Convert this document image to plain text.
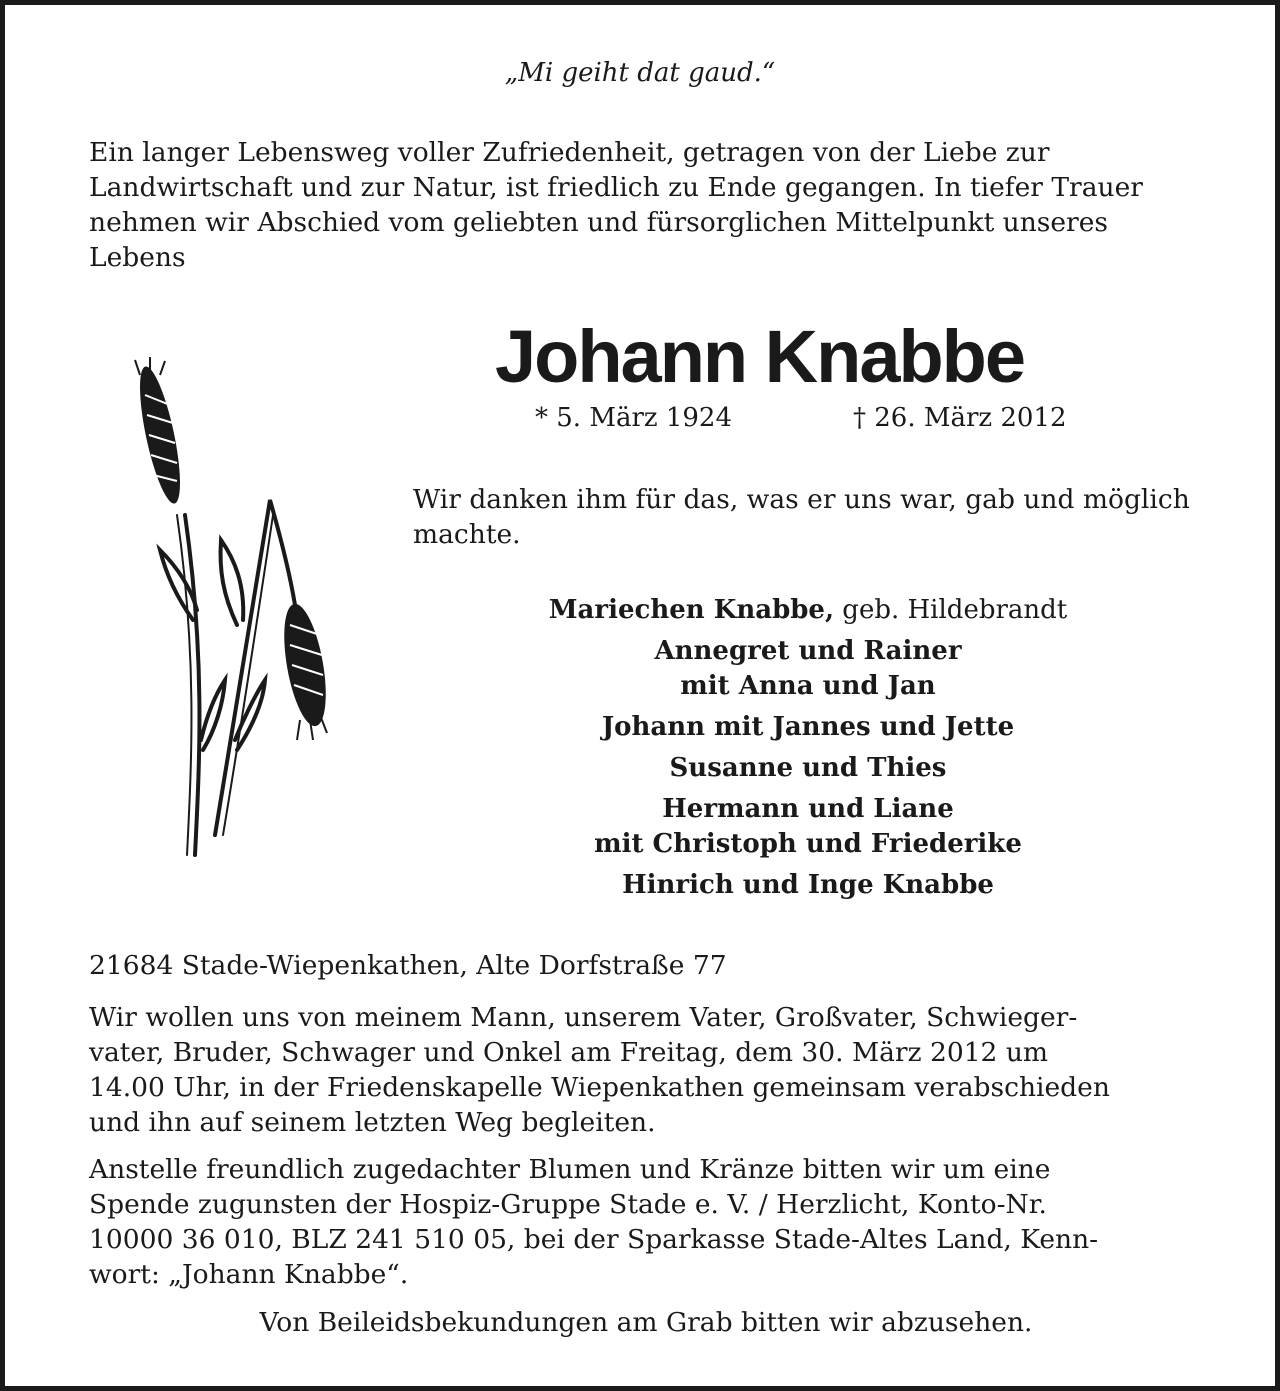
„Mi geiht dat gaud.“
Ein langer Lebensweg voller Zufriedenheit, getragen von der Liebe zur Landwirtschaft und zur Natur, ist friedlich zu Ende gegangen. In tiefer Trauer nehmen wir Abschied vom geliebten und fürsorglichen Mittelpunkt unseres Lebens
Johann Knabbe
* 5. März 1924	† 26. März 2012
Wir danken ihm für das, was er uns war, gab und möglich machte.
Mariechen Knabbe, geb. Hildebrandt
Annegret und Rainer
mit Anna und Jan
Johann mit Jannes und Jette
Susanne und Thies
Hermann und Liane
mit Christoph und Friederike
Hinrich und Inge Knabbe
21684 Stade-Wiepenkathen, Alte Dorfstraße 77
Wir wollen uns von meinem Mann, unserem Vater, Großvater, Schwieger-
vater, Bruder, Schwager und Onkel am Freitag, dem 30. März 2012 um
14.00 Uhr, in der Friedenskapelle Wiepenkathen gemeinsam verabschieden
und ihn auf seinem letzten Weg begleiten.
Anstelle freundlich zugedachter Blumen und Kränze bitten wir um eine
Spende zugunsten der Hospiz-Gruppe Stade e. V. / Herzlicht, Konto-Nr.
10000 36 010, BLZ 241 510 05, bei der Sparkasse Stade-Altes Land, Kenn-
wort: „Johann Knabbe“.
Von Beileidsbekundungen am Grab bitten wir abzusehen.
